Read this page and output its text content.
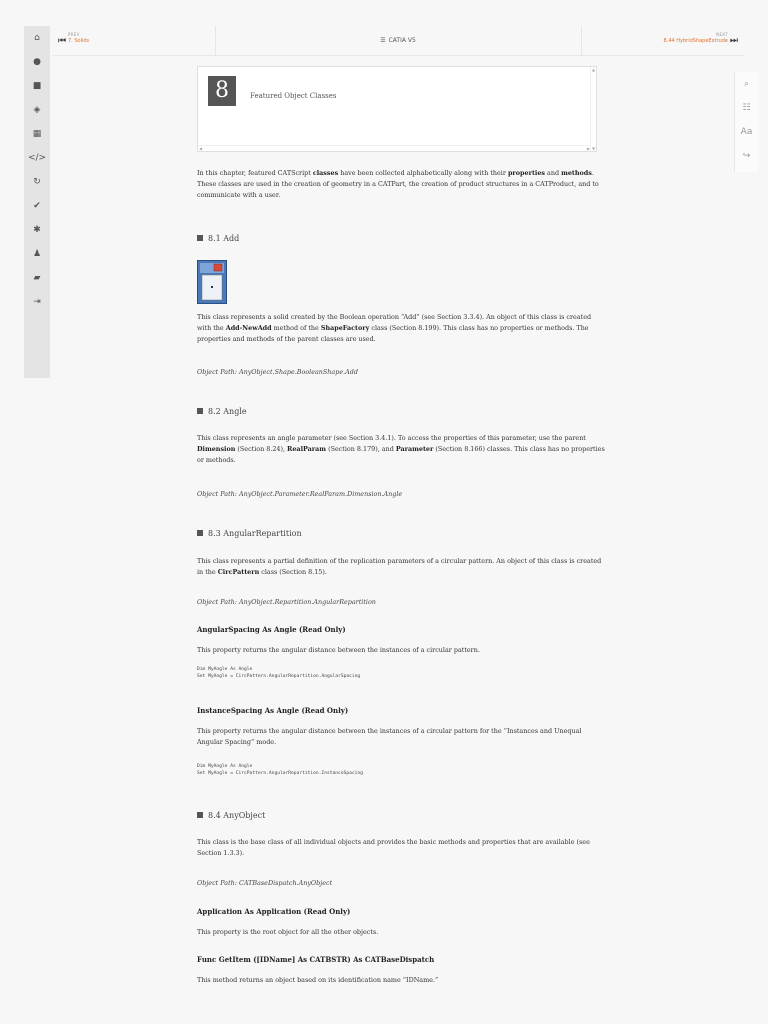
⌂
●
■
◈
▦
</>
↻
✔
✱
♟
▰
⇥
⏮
PREV
7. Solids	☰ CATIA V5
NEXT
8.44 HybridShapeExtrude ⏭
⌕
☷
Aa
↪
8	Featured Object Classes
▲
▼
◀	▶

In this chapter, featured CATScript classes have been collected alphabetically along with their properties and methods. These classes are used in the creation of geometry in a CATPart, the creation of product structures in a CATProduct, and to communicate with a user.

8.1 Add

This class represents a solid created by the Boolean operation “Add” (see Section 3.3.4). An object of this class is created with the Add-NewAdd method of the ShapeFactory class (Section 8.199). This class has no properties or methods. The properties and methods of the parent classes are used.

Object Path: AnyObject.Shape.BooleanShape.Add

8.2 Angle

This class represents an angle parameter (see Section 3.4.1). To access the properties of this parameter, use the parent Dimension (Section 8.24), RealParam (Section 8.179), and Parameter (Section 8.166) classes. This class has no properties or methods.

Object Path: AnyObject.Parameter.RealParam.Dimension.Angle

8.3 AngularRepartition

This class represents a partial definition of the replication parameters of a circular pattern. An object of this class is created in the CircPattern class (Section 8.15).

Object Path: AnyObject.Repartition.AngularRepartition

AngularSpacing As Angle (Read Only)

This property returns the angular distance between the instances of a circular pattern.

Dim MyAngle As Angle
Set MyAngle = CircPattern.AngularRepartition.AngularSpacing

InstanceSpacing As Angle (Read Only)

This property returns the angular distance between the instances of a circular pattern for the “Instances and Unequal Angular Spacing” mode.

Dim MyAngle As Angle
Set MyAngle = CircPattern.AngularRepartition.InstanceSpacing

8.4 AnyObject

This class is the base class of all individual objects and provides the basic methods and properties that are available (see Section 1.3.3).

Object Path: CATBaseDispatch.AnyObject

Application As Application (Read Only)

This property is the root object for all the other objects.

Func GetItem ([IDName] As CATBSTR) As CATBaseDispatch

This method returns an object based on its identification name “IDName.”
